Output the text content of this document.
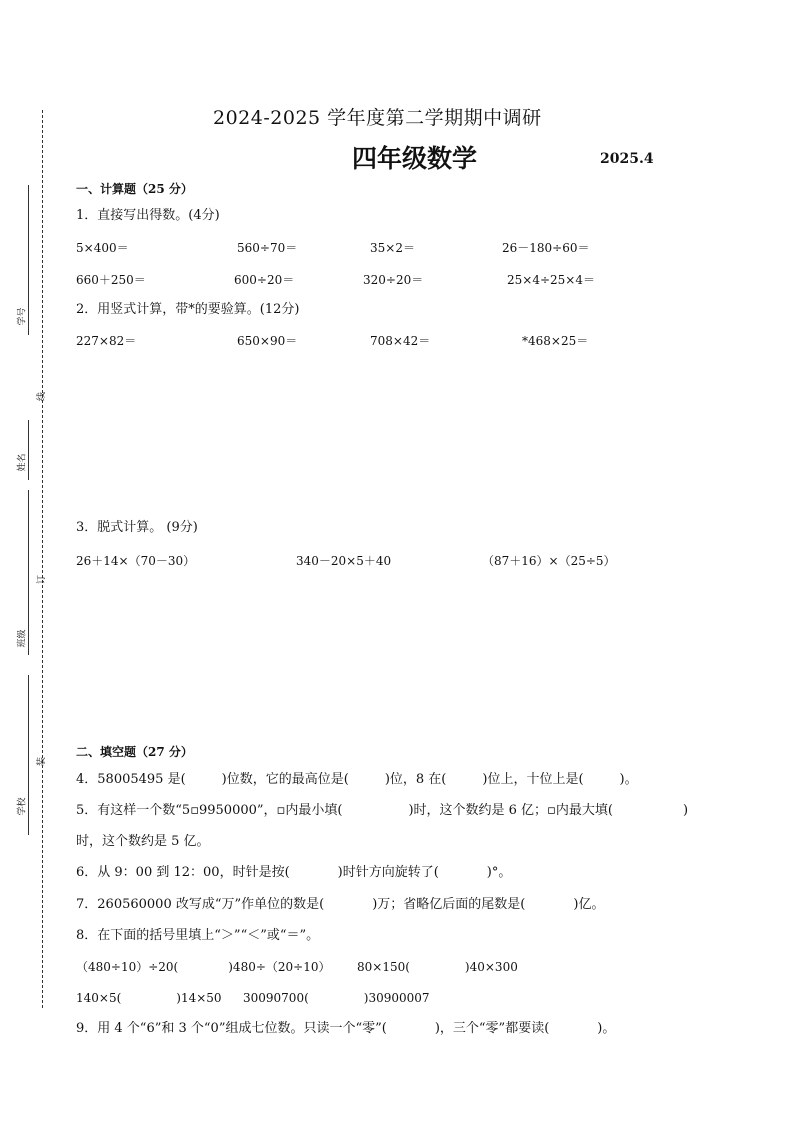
学号
线
姓名
订
班级
装
学校
2024-2025 学年度第二学期期中调研
四年级数学	2025.4
一、计算题（25 分）
1．直接写出得数。(4分)
5×400＝	560÷70＝	35×2＝	26－180÷60＝
660＋250＝	600÷20＝	320÷20＝	25×4÷25×4＝
2．用竖式计算，带*的要验算。(12分)
227×82＝	650×90＝	708×42＝	*468×25＝
3．脱式计算。 (9分)
26＋14×（70－30）	340－20×5＋40	（87＋16）×（25÷5）
二、填空题（27 分）
4．58005495 是(	)位数，它的最高位是(	)位，8 在(	)位上，十位上是(	)。
5．有这样一个数“5▫9950000”，▫内最小填(	)时，这个数约是 6 亿；▫内最大填(	)
时，这个数约是 5 亿。
6．从 9：00 到 12：00，时针是按(	)时针方向旋转了(	)°。
7．260560000 改写成“万”作单位的数是(	)万；省略亿后面的尾数是(	)亿。
8．在下面的括号里填上“＞”“＜”或“＝”。
（480÷10）÷20(	)480÷（20÷10） 80×150(	)40×300
140×5(	)14×50 30090700(	)30900007
9．用 4 个“6”和 3 个“0”组成七位数。只读一个“零”(	)，三个“零”都要读(	)。
